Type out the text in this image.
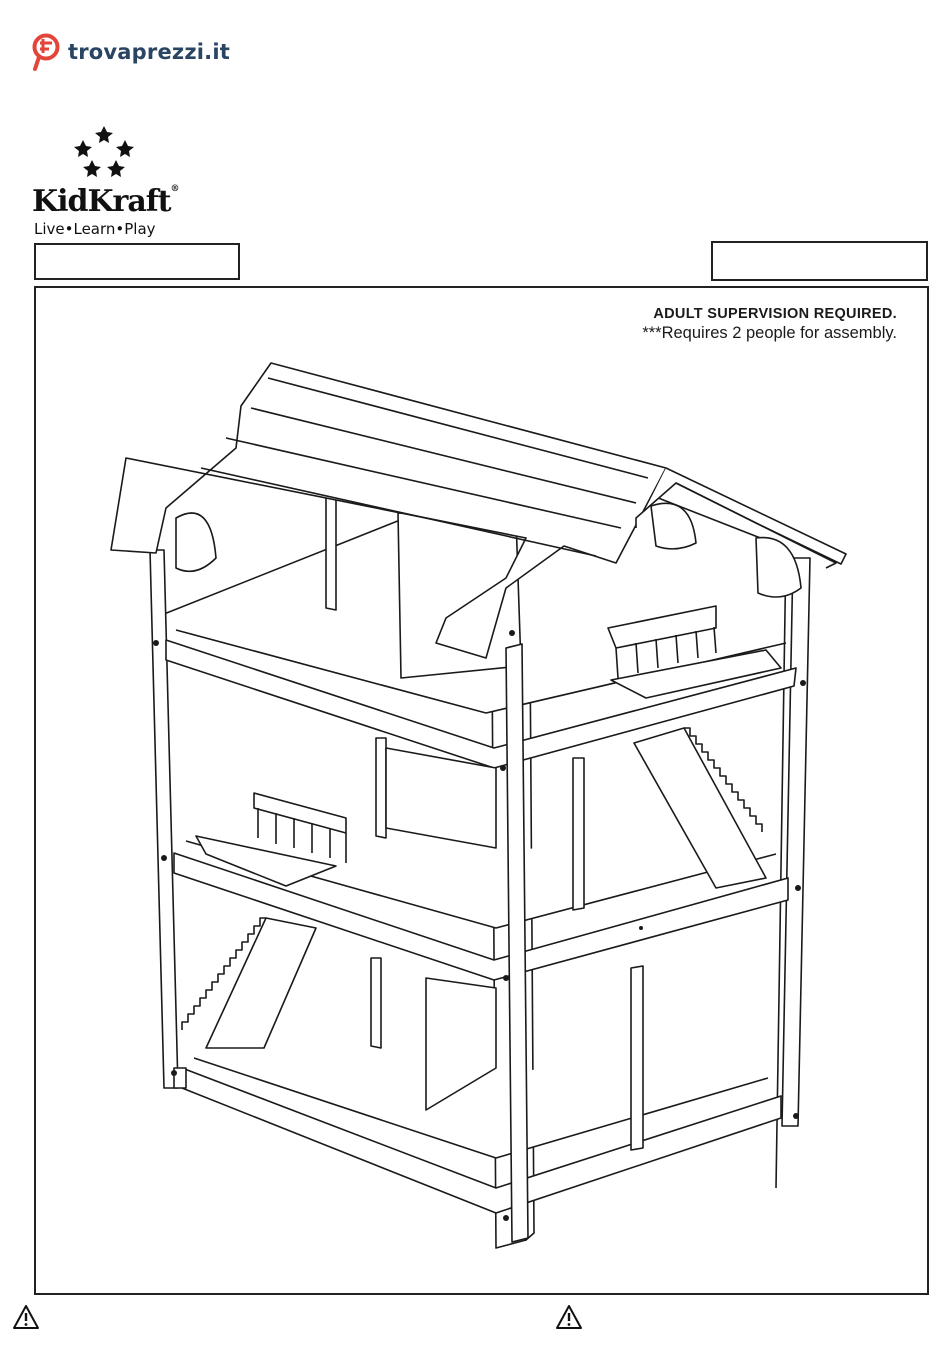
trovaprezzi.it
KidKraft®
Live•Learn•Play
ADULT SUPERVISION REQUIRED.
***Requires 2 people for assembly.
